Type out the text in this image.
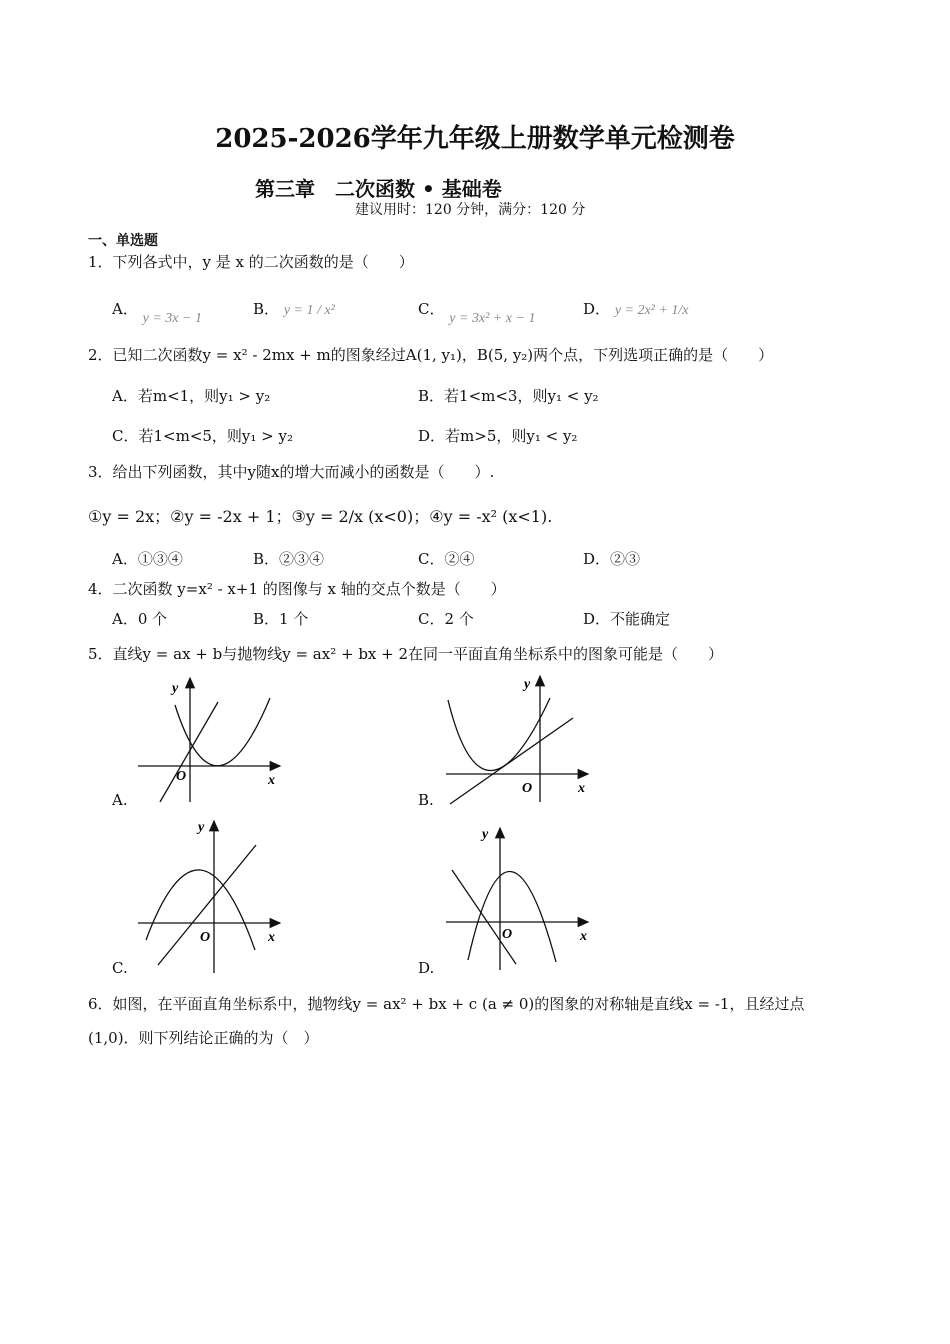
2025-2026学年九年级上册数学单元检测卷
第三章　二次函数 • 基础卷
建议用时：120 分钟，满分：120 分
一、单选题
1．下列各式中，y 是 x 的二次函数的是（　　）
A． y = 3x − 1
B． y = 1 / x²	C． y = 3x² + x − 1
D． y = 2x² + 1/x
2．已知二次函数y = x² - 2mx + m的图象经过A(1, y₁)，B(5, y₂)两个点，下列选项正确的是（　　）
A．若m<1，则y₁ > y₂	B．若1<m<3，则y₁ < y₂
C．若1<m<5，则y₁ > y₂	D．若m>5，则y₁ < y₂
3．给出下列函数，其中y随x的增大而减小的函数是（　　）.
①y = 2x；②y = -2x + 1；③y = 2/x (x<0)；④y = -x² (x<1).
A．①③④	B．②③④	C．②④	D．②③
4．二次函数 y=x² - x+1 的图像与 x 轴的交点个数是（　　）
A．0 个	B．1 个	C．2 个	D．不能确定
5．直线y = ax + b与抛物线y = ax² + bx + 2在同一平面直角坐标系中的图象可能是（　　）
y
O	x
A.
y
O	x
B.
y
O	x
C.
y
O	x
D.
6．如图，在平面直角坐标系中，抛物线y = ax² + bx + c (a ≠ 0)的图象的对称轴是直线x = -1，且经过点
(1,0)．则下列结论正确的为（　）
